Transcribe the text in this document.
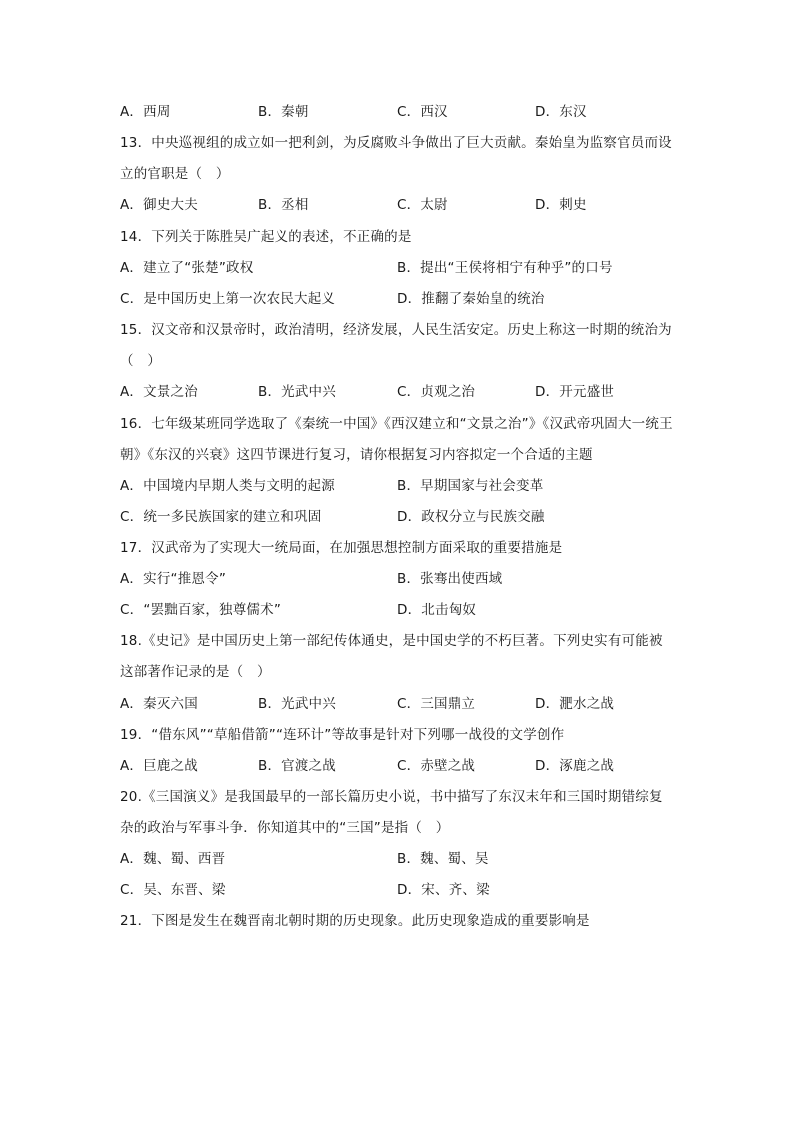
A．西周	B．秦朝	C．西汉	D．东汉
13．中央巡视组的成立如一把利剑，为反腐败斗争做出了巨大贡献。秦始皇为监察官员而设
立的官职是（　）
A．御史大夫	B．丞相	C．太尉	D．刺史
14．下列关于陈胜吴广起义的表述，不正确的是
A．建立了“张楚”政权	B．提出“王侯将相宁有种乎”的口号
C．是中国历史上第一次农民大起义	D．推翻了秦始皇的统治
15．汉文帝和汉景帝时，政治清明，经济发展，人民生活安定。历史上称这一时期的统治为
（　）
A．文景之治	B．光武中兴	C．贞观之治	D．开元盛世
16．七年级某班同学选取了《秦统一中国》《西汉建立和“文景之治”》《汉武帝巩固大一统王
朝》《东汉的兴衰》这四节课进行复习，请你根据复习内容拟定一个合适的主题
A．中国境内早期人类与文明的起源	B．早期国家与社会变革
C．统一多民族国家的建立和巩固	D．政权分立与民族交融
17．汉武帝为了实现大一统局面，在加强思想控制方面采取的重要措施是
A．实行“推恩令”	B．张骞出使西域
C．“罢黜百家，独尊儒术”	D．北击匈奴
18.《史记》是中国历史上第一部纪传体通史，是中国史学的不朽巨著。下列史实有可能被
这部著作记录的是（　）
A．秦灭六国	B．光武中兴	C．三国鼎立	D．淝水之战
19．“借东风”“草船借箭”“连环计”等故事是针对下列哪一战役的文学创作
A．巨鹿之战	B．官渡之战	C．赤壁之战	D．涿鹿之战
20.《三国演义》是我国最早的一部长篇历史小说，书中描写了东汉末年和三国时期错综复
杂的政治与军事斗争．你知道其中的“三国”是指（　）
A．魏、蜀、西晋	B．魏、蜀、吴
C．吴、东晋、梁	D．宋、齐、梁
21．下图是发生在魏晋南北朝时期的历史现象。此历史现象造成的重要影响是
